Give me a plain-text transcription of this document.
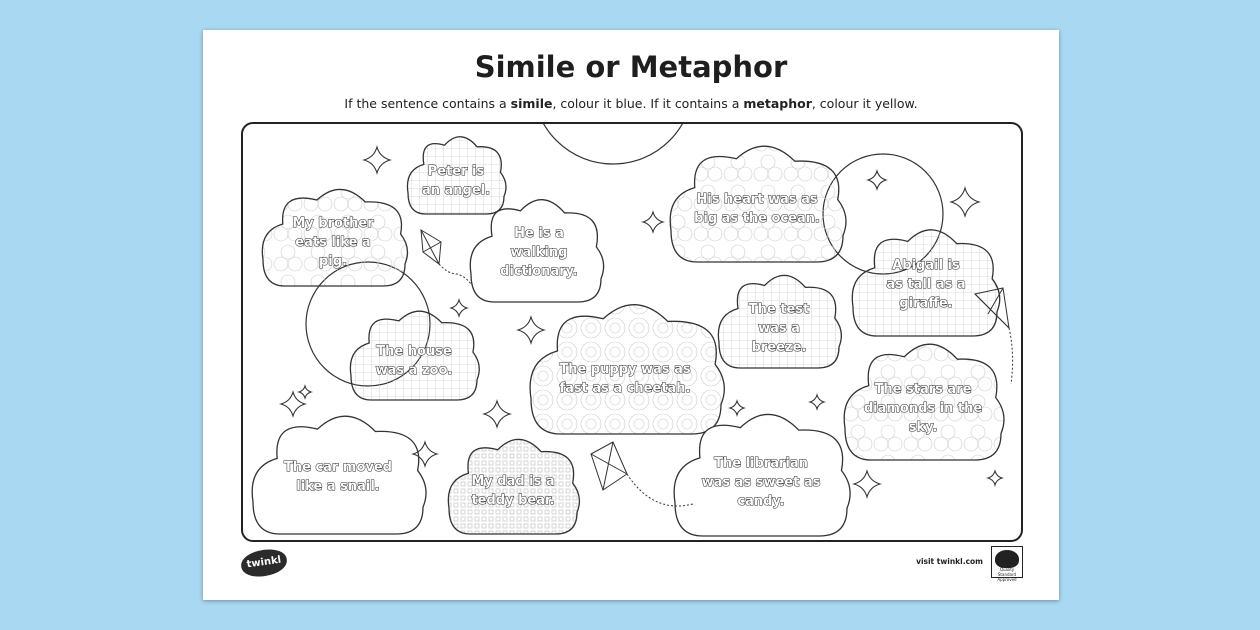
Simile or Metaphor
If the sentence contains a simile, colour it blue. If it contains a metaphor, colour it yellow.
Peter is
an angel.
My brother
eats like a
pig.
He is a
walking
dictionary.
His heart was as
big as the ocean.
Abigail is
as tall as a
giraffe.
The test
was a
breeze.
The house
was a zoo.	The puppy was as
fast as a cheetah.	The stars are
diamonds in the
sky.
The car moved
like a snail.	My dad is a
teddy bear.
The librarian
was as sweet as
candy.
twinkl	visit twinkl.com
Quality Standard Approved
